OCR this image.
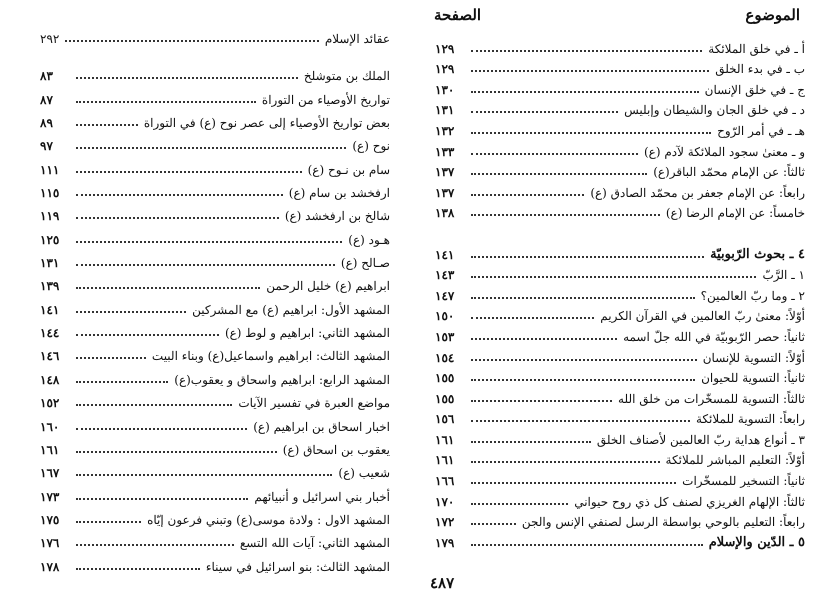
عقائد الإسلام
٢٩٢
الملك بن متوشلخ
٨٣
تواريخ الأوصياء من التوراة
٨٧
بعض تواريخ الأوصياء إلى عصر نوح (ع) في التوراة
٨٩
نوح (ع)
٩٧
سام بن نـوح (ع)
١١١
ارفخشد بن سام (ع)
١١٥
شالخ بن ارفخشد (ع)
١١٩
هـود (ع)
١٢٥
صـالح (ع)
١٣١
ابراهيم (ع) خليل الرحمن
١٣٩
المشهد الأول: ابراهيم (ع) مع المشركين
١٤١
المشهد الثاني: ابراهيم و لوط (ع)
١٤٤
المشهد الثالث: ابراهيم واسماعيل(ع) وبناء البيت
١٤٦
المشهد الرابع: ابراهيم واسحاق و يعقوب(ع)
١٤٨
مواضع العبرة في تفسير الآيات
١٥٢
اخبار اسحاق بن ابراهيم (ع)
١٦٠
يعقوب بن اسحاق (ع)
١٦١
شعيب (ع)
١٦٧
أخبار بني اسرائيل و أنبيائهم
١٧٣
المشهد الاول : ولادة موسى(ع) وتبني فرعون إيّاه
١٧٥
المشهد الثاني: آيات الله التسع
١٧٦
المشهد الثالث: بنو اسرائيل في سيناء
١٧٨
الموضوع
الصفحة
أ ـ في خلق الملائكة
١٢٩
ب ـ في بدء الخلق
١٢٩
ج ـ في خلق الإنسان
١٣٠
د ـ في خلق الجان والشيطان وإبليس
١٣١
هـ ـ في أمر الرّوح
١٣٢
و ـ معنىٰ سجود الملائكة لآدم (ع)
١٣٣
ثالثاً: عن الإمام محمّد الباقر(ع)
١٣٧
رابعاً: عن الإمام جعفر بن محمّد الصادق (ع)
١٣٧
خامساً: عن الإمام الرضا (ع)
١٣٨
٤ ـ بحوث الرّبوبيّة
١٤١
١ ـ الرَّبّ
١٤٣
٢ ـ وما ربّ العالمين؟
١٤٧
أوّلاً: معنىٰ ربّ العالمين في القرآن الكريم
١٥٠
ثانياً: حصر الرّبوبيّة في الله جلّ اسمه
١٥٣
أوّلاً: التسوية للإنسان
١٥٤
ثانياً: التسوية للحيوان
١٥٥
ثالثاً: التسوية للمسخّرات من خلق الله
١٥٥
رابعاً: التسوية للملائكة
١٥٦
٣ ـ أنواع هداية ربّ العالمين لأصناف الخلق
١٦١
أوّلاً: التعليم المباشر للملائكة
١٦١
ثانياً: التسخير للمسخّرات
١٦٦
ثالثاً: الإلهام الغريزي لصنف كل ذي روح حيواني
١٧٠
رابعاً: التعليم بالوحي بواسطة الرسل لصنفي الإنس والجن
١٧٢
٥ ـ الدّين والإسلام
١٧٩
٤٨٧
